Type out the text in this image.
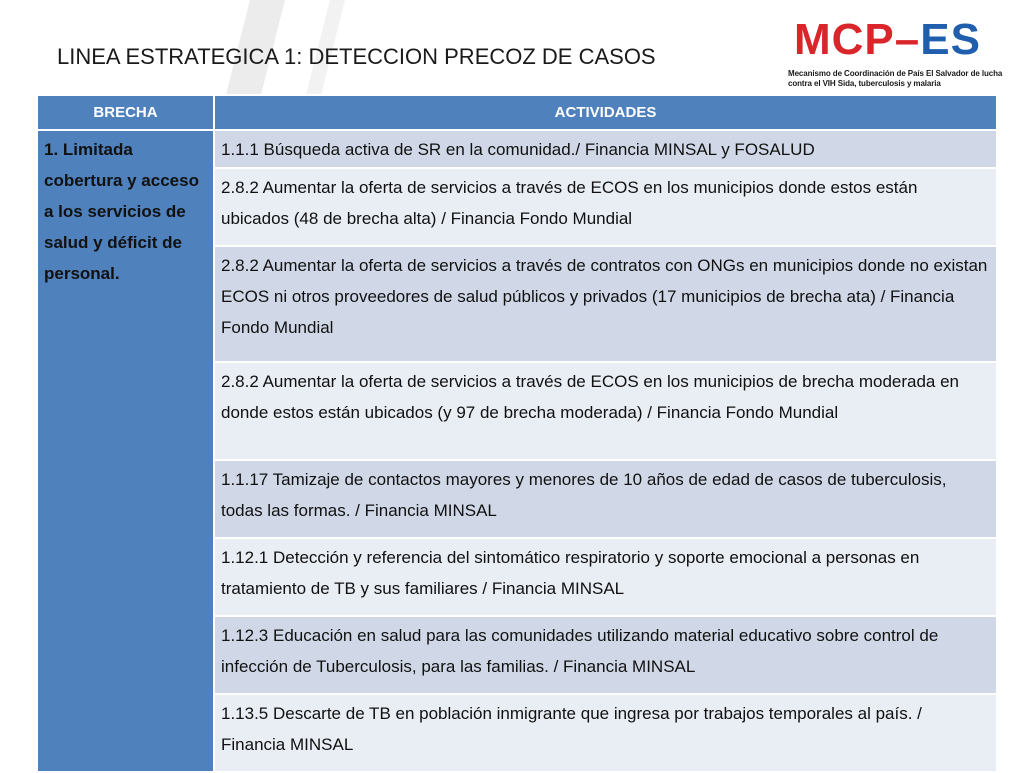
LINEA ESTRATEGICA 1: DETECCION PRECOZ DE CASOS	MCP–ES
Mecanismo de Coordinación de País El Salvador de lucha contra el VIH Sida, tuberculosis y malaria
BRECHA	ACTIVIDADES
1. Limitada cobertura y acceso a los servicios de salud y déficit de personal.	1.1.1 Búsqueda activa de SR en la comunidad./ Financia MINSAL y FOSALUD
	2.8.2 Aumentar la oferta de servicios a través de ECOS en los municipios donde estos están ubicados (48 de brecha alta) / Financia Fondo Mundial
	2.8.2 Aumentar la oferta de servicios a través de contratos con ONGs en municipios donde no existan ECOS ni otros proveedores de salud públicos y privados (17 municipios de brecha ata) / Financia Fondo Mundial
	2.8.2 Aumentar la oferta de servicios a través de ECOS en los municipios de brecha moderada en donde estos están ubicados (y 97 de brecha moderada) / Financia Fondo Mundial
	1.1.17 Tamizaje de contactos mayores y menores de 10 años de edad de casos de tuberculosis, todas las formas. / Financia MINSAL
	1.12.1 Detección y referencia del sintomático respiratorio y soporte emocional a personas en tratamiento de TB y sus familiares / Financia MINSAL
	1.12.3 Educación en salud para las comunidades utilizando material educativo sobre control de infección de Tuberculosis, para las familias. / Financia MINSAL
	1.13.5 Descarte de TB en población inmigrante que ingresa por trabajos temporales al país. / Financia MINSAL
